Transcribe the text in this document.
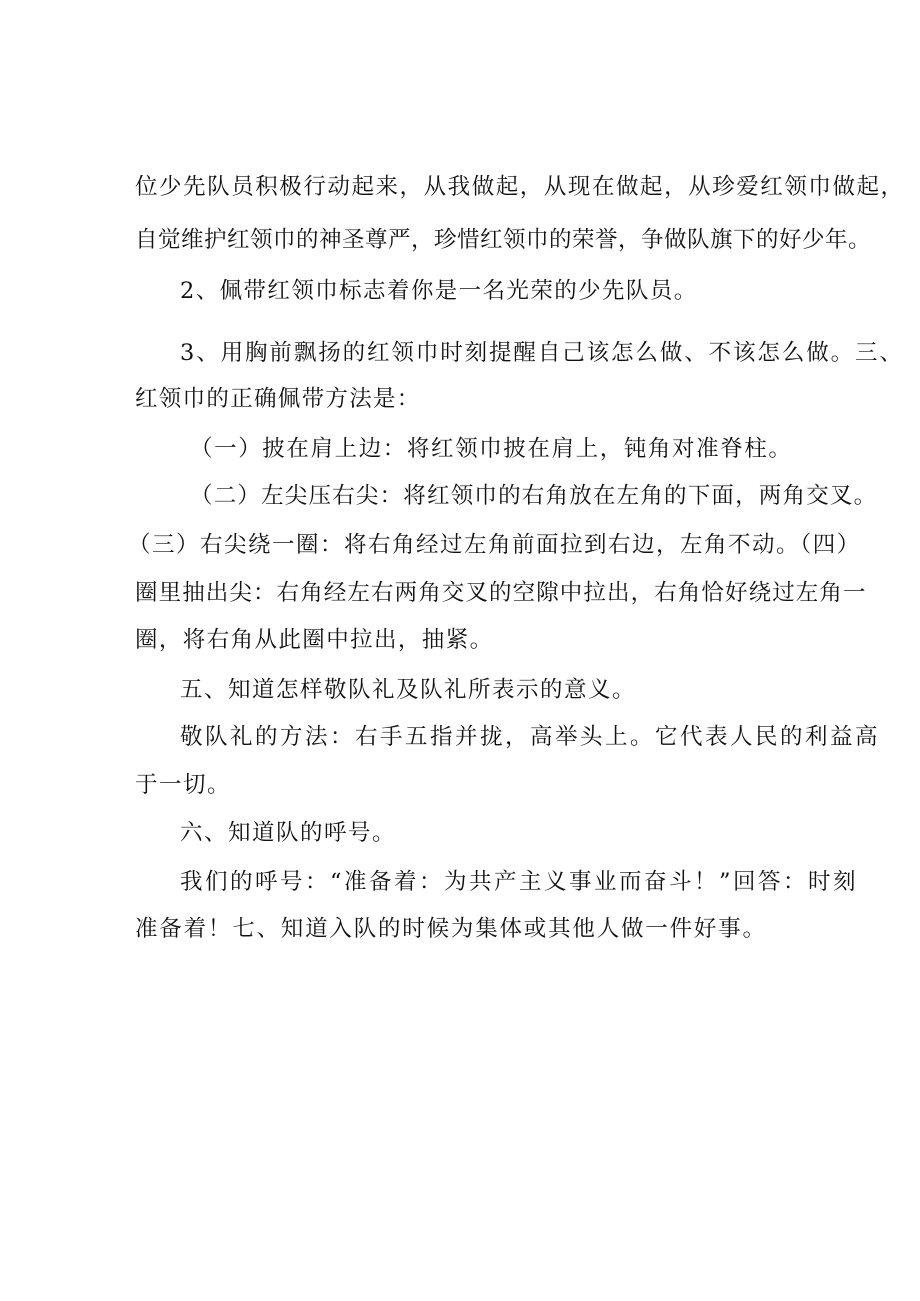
位少先队员积极行动起来，从我做起，从现在做起，从珍爱红领巾做起，

自觉维护红领巾的神圣尊严，珍惜红领巾的荣誉，争做队旗下的好少年。

2、佩带红领巾标志着你是一名光荣的少先队员。

3、用胸前飘扬的红领巾时刻提醒自己该怎么做、不该怎么做。三、

红领巾的正确佩带方法是：

（一）披在肩上边：将红领巾披在肩上，钝角对准脊柱。

（二）左尖压右尖：将红领巾的右角放在左角的下面，两角交叉。

（三）右尖绕一圈：将右角经过左角前面拉到右边，左角不动。（四）

圈里抽出尖：右角经左右两角交叉的空隙中拉出，右角恰好绕过左角一

圈，将右角从此圈中拉出，抽紧。

五、知道怎样敬队礼及队礼所表示的意义。

敬队礼的方法：右手五指并拢，高举头上。它代表人民的利益高

于一切。

六、知道队的呼号。

我们的呼号：“准备着：为共产主义事业而奋斗！”回答：时刻

准备着！七、知道入队的时候为集体或其他人做一件好事。
